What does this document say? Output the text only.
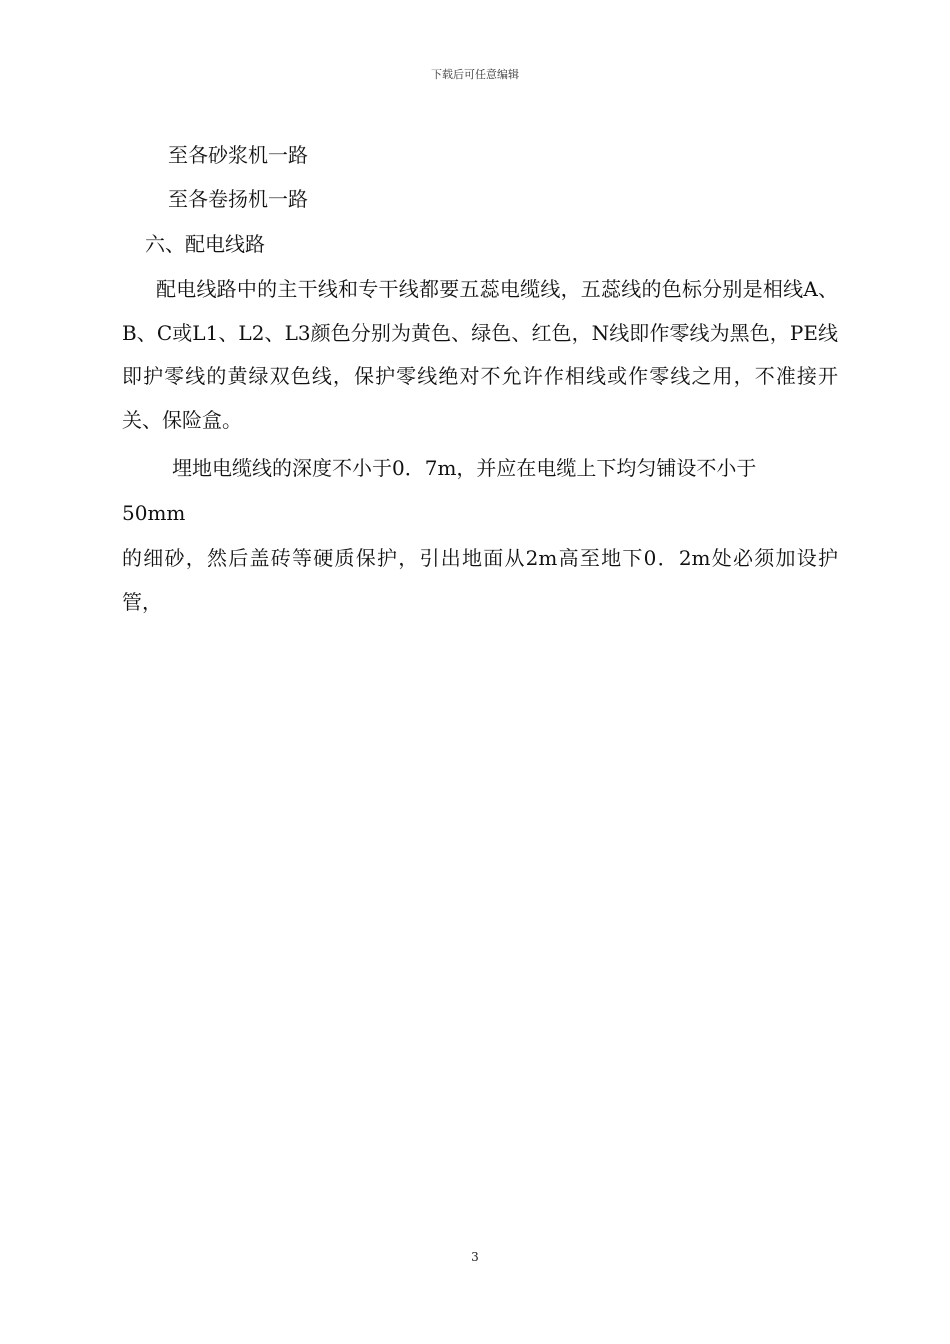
下载后可任意编辑
至各砂浆机一路
至各卷扬机一路
六、配电线路
配电线路中的主干线和专干线都要五蕊电缆线，五蕊线的色标分别是相线A、B、C或L1、L2、L3颜色分别为黄色、绿色、红色，N线即作零线为黑色，PE线即护零线的黄绿双色线，保护零线绝对不允许作相线或作零线之用，不准接开关、保险盒。
埋地电缆线的深度不小于0．7m，并应在电缆上下均匀铺设不小于
50mm
的细砂，然后盖砖等硬质保护，引出地面从2m高至地下0．2m处必须加设护管，
3
